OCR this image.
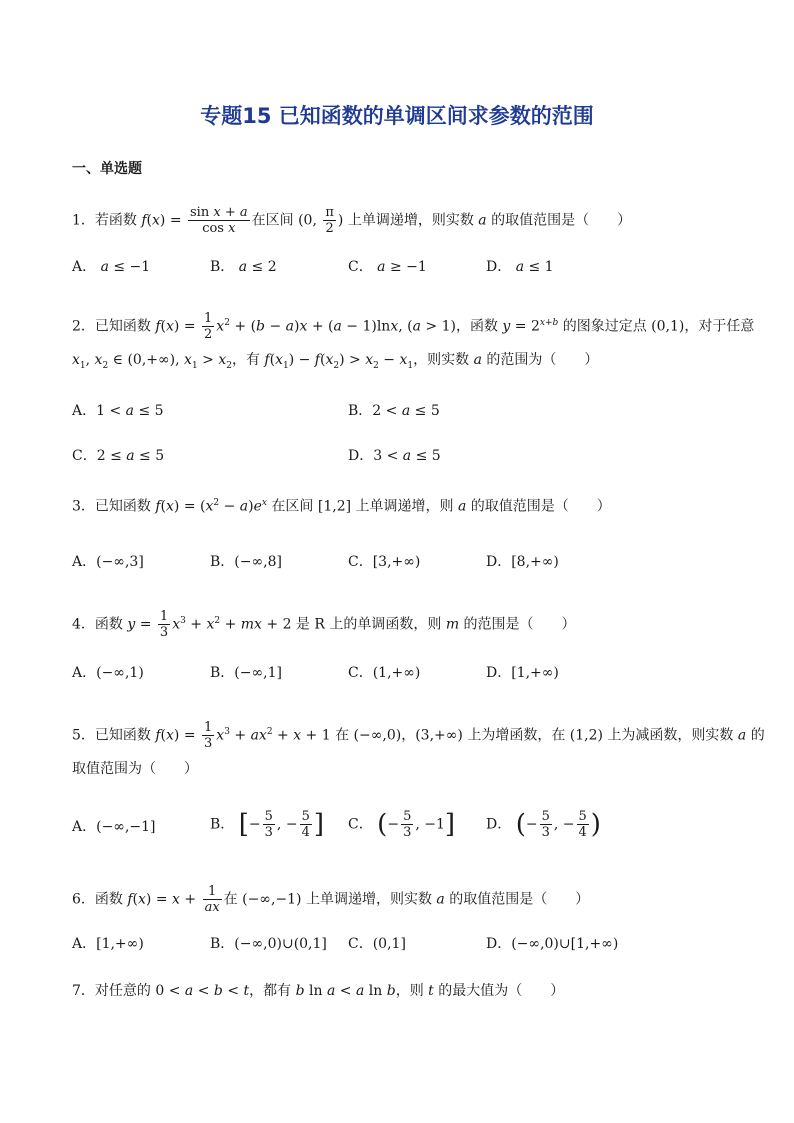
专题15 已知函数的单调区间求参数的范围
一、单选题
1．若函数 $f(x) = \frac{\text{sin x + a}}{\text{cos x}}$ 在区间 (0, $\frac{\pi}{2}$ ) 上单调递增，则实数 a 的取值范围是（　　）
A． a ≤ −1	B． a ≤ 2	C． a ≥ −1	D． a ≤ 1
2．已知函数 $f(x) = \frac{1}{2} x^2 + (b - a)x + (a - 1)\ln x$, (a > 1)，函数 $y = 2^{x+b}$ 的图象过定点 (0,1)，对于任意
$x_1$, $x_2$ ∈ (0,+∞), $x_1 > x_2$，有 $f(x_1) - f(x_2) > x_2 - x_1$，则实数 a 的范围为（　　）
A．1 < a ≤ 5	B．2 < a ≤ 5
C．2 ≤ a ≤ 5	D．3 < a ≤ 5
3．已知函数 $f(x) = (x^2 - a)e^x$ 在区间 [1,2] 上单调递增，则 a 的取值范围是（　　）
A．(−∞,3]	B．(−∞,8]	C．[3,+∞)	D．[8,+∞)
4．函数 $y = \frac{1}{3} x^3 + x^2$ + mx + 2 是 R 上的单调函数，则 m 的范围是（　　）
A．(−∞,1)	B．(−∞,1]	C．(1,+∞)	D．[1,+∞)
5．已知函数 $f(x) = \frac{1}{3} x^3 + ax^2 + x + 1$ 在 (−∞,0)，(3,+∞) 上为增函数，在 (1,2) 上为减函数，则实数 a 的
取值范围为（　　）
A．(−∞,−1]	B． [− $\frac{5}{3}$ , − $\frac{5}{4}$ ] C． (− $\frac{5}{3}$ , −1] D． (− $\frac{5}{3}$ , − $\frac{5}{4}$ )
6．函数 $f(x) = x + \frac{1}{ax}$ 在 (−∞,−1) 上单调递增，则实数 a 的取值范围是（　　）
A．[1,+∞)	B．(−∞,0)∪(0,1] C．(0,1]	D．(−∞,0)∪[1,+∞)
7．对任意的 0 < a < b < t，都有 b ln a < a ln b，则 t 的最大值为（　　）
